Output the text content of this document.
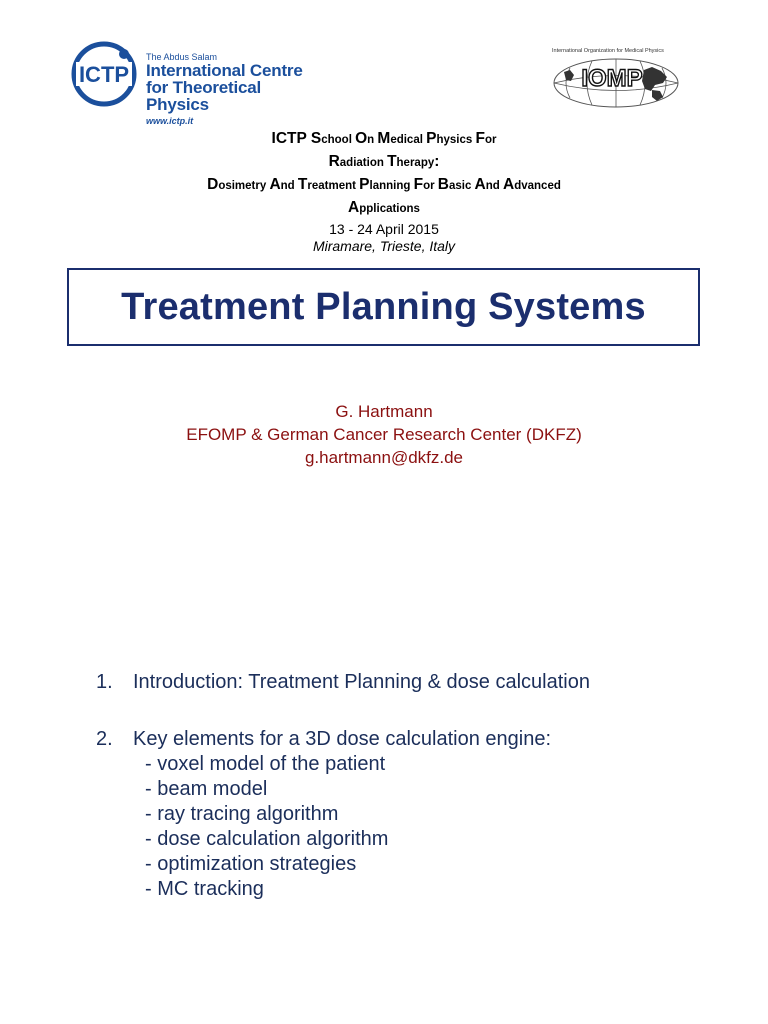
ICTP
The Abdus Salam
International Centre
for Theoretical Physics
www.ictp.it
International Organization for Medical Physics
IOMP
ICTP School On Medical Physics For
Radiation Therapy:
Dosimetry And Treatment Planning For Basic And Advanced
Applications
13 - 24 April 2015
Miramare, Trieste, Italy
Treatment Planning Systems
G. Hartmann
EFOMP & German Cancer Research Center (DKFZ)
g.hartmann@dkfz.de
1.	Introduction: Treatment Planning & dose calculation
2.	Key elements for a 3D dose calculation engine:
- voxel model of the patient
- beam model
- ray tracing algorithm
- dose calculation algorithm
- optimization strategies
- MC tracking
